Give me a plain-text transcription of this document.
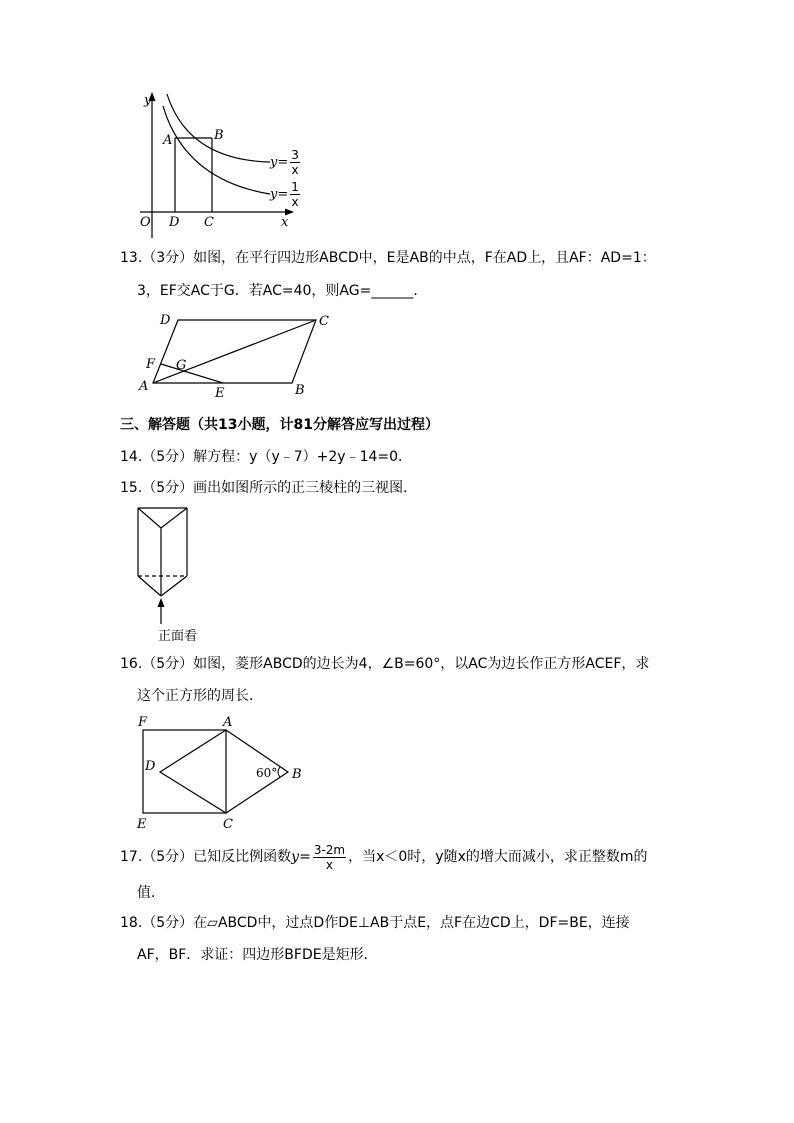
y
x
O
A	B
D C
$y= \frac{3}{x}$
$y= \frac{1}{x}$
13.（3分）如图，在平行四边形ABCD中，E是AB的中点，F在AD上，且AF：AD=1：
3，EF交AC于G．若AC=40，则AG=______．
D	C
F G
A	E	B
三、解答题（共13小题，计81分解答应写出过程）
14.（5分）解方程：y（y﹣7）+2y﹣14=0．
15.（5分）画出如图所示的正三棱柱的三视图．
正面看
16.（5分）如图，菱形ABCD的边长为4，∠B=60°，以AC为边长作正方形ACEF，求
这个正方形的周长．
F	A
D
B
E	C
60°
17.（5分）已知反比例函数 $y= \frac{3-2m}{x}$ ，当x＜0时，y随x的增大而减小，求正整数m的
值．
18.（5分）在▱ABCD中，过点D作DE⊥AB于点E，点F在边CD上，DF=BE，连接
AF，BF．求证：四边形BFDE是矩形．
